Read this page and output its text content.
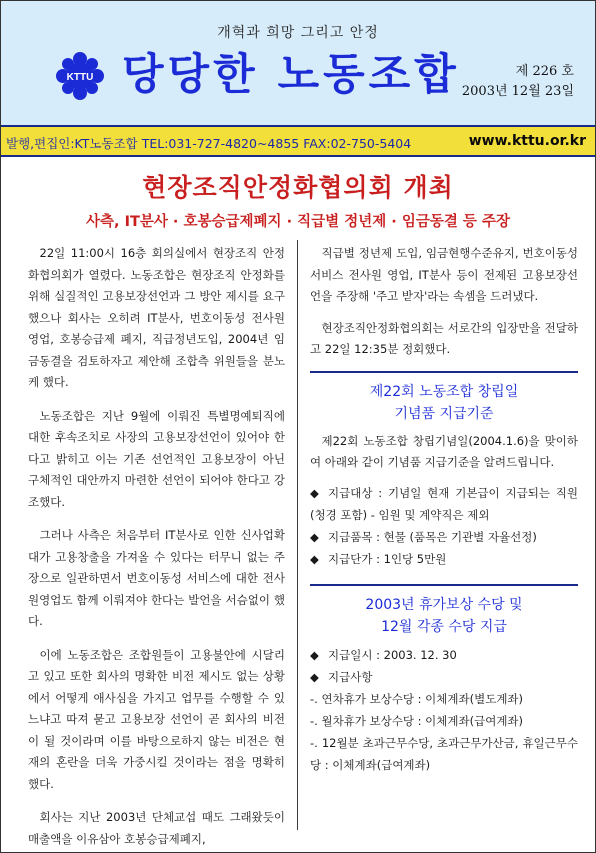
개혁과 희망 그리고 안정
KTTU 당당한 노동조합	제 226 호
2003년 12월 23일
발행,편집인:KT노동조합 TEL:031-727-4820~4855 FAX:02-750-5404	www.kttu.or.kr
현장조직안정화협의회 개최
사측, IT분사 · 호봉승급제폐지 · 직급별 정년제 · 임금동결 등 주장

22일 11:00시 16층 회의실에서 현장조직 안정화협의회가 열렸다. 노동조합은 현장조직 안정화를 위해 실질적인 고용보장선언과 그 방안 제시를 요구했으나 회사는 오히려 IT분사, 번호이동성 전사원 영업, 호봉승급제 폐지, 직급정년도입, 2004년 임금동결을 검토하자고 제안해 조합측 위원들을 분노케 했다.

노동조합은 지난 9월에 이뤄진 특별명예퇴직에 대한 후속조치로 사장의 고용보장선언이 있어야 한다고 밝히고 이는 기존 선언적인 고용보장이 아닌 구체적인 대안까지 마련한 선언이 되어야 한다고 강조했다.

그러나 사측은 처음부터 IT분사로 인한 신사업확대가 고용창출을 가져올 수 있다는 터무니 없는 주장으로 일관하면서 번호이동성 서비스에 대한 전사원영업도 함께 이뤄져야 한다는 발언을 서슴없이 했다.

이에 노동조합은 조합원들이 고용불안에 시달리고 있고 또한 회사의 명확한 비전 제시도 없는 상황에서 어떻게 애사심을 가지고 업무를 수행할 수 있느냐고 따져 묻고 고용보장 선언이 곧 회사의 비전이 될 것이라며 이를 바탕으로하지 않는 비전은 현재의 혼란을 더욱 가중시킬 것이라는 점을 명확히 했다.

회사는 지난 2003년 단체교섭 때도 그래왔듯이 매출액을 이유삼아 호봉승급제폐지,

직급별 정년제 도입, 임금현행수준유지, 번호이동성서비스 전사원 영업, IT분사 등이 전제된 고용보장선언을 주장해 '주고 받자'라는 속셈을 드러냈다.

현장조직안정화협의회는 서로간의 입장만을 전달하고 22일 12:35분 정회했다.

제22회 노동조합 창립일
기념품 지급기준

제22회 노동조합 창립기념일(2004.1.6)을 맞이하여 아래와 같이 기념품 지급기준을 알려드립니다.

◆ 지급대상 : 기념일 현재 기본급이 지급되는 직원(청경 포함) - 임원 및 계약직은 제외
◆ 지급품목 : 현물 (품목은 기관별 자율선정)
◆ 지급단가 : 1인당 5만원
2003년 휴가보상 수당 및
12월 각종 수당 지급
◆ 지급일시 : 2003. 12. 30
◆ 지급사항
-. 연차휴가 보상수당 : 이체계좌(별도계좌)
-. 월차휴가 보상수당 : 이체계좌(급여계좌)
-. 12월분 초과근무수당, 초과근무가산금, 휴일근무수당 : 이체계좌(급여계좌)
